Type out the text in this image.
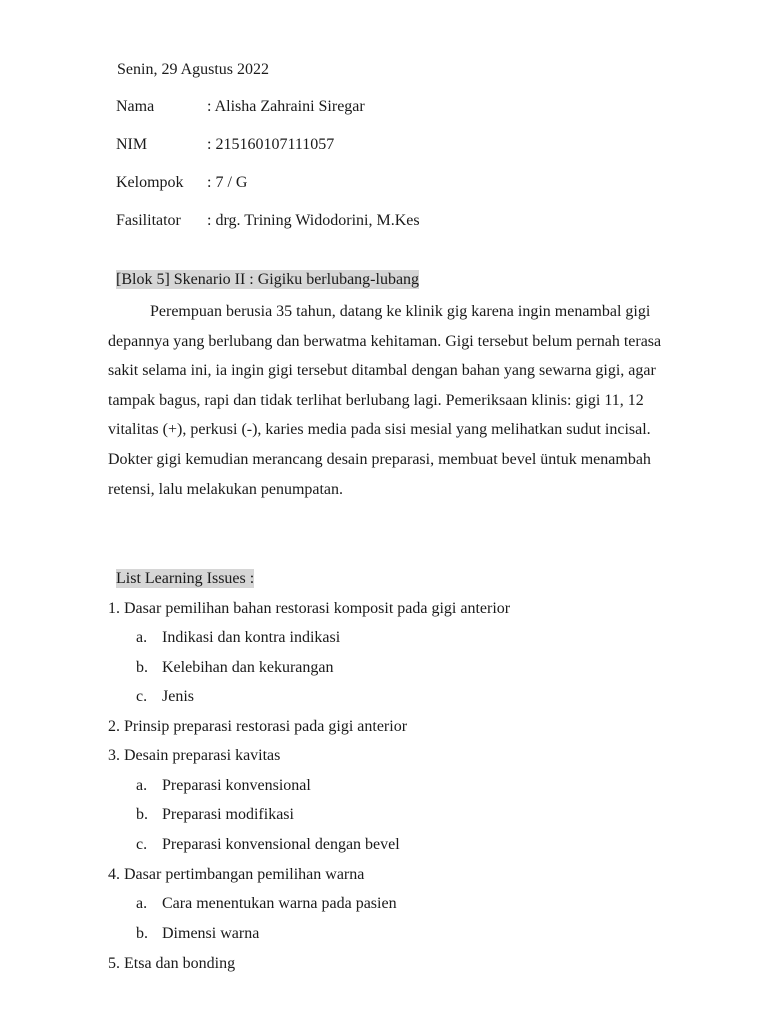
Senin, 29 Agustus 2022
Nama	: Alisha Zahraini Siregar
NIM	: 215160107111057
Kelompok : 7 / G
Fasilitator : drg. Trining Widodorini, M.Kes
[Blok 5] Skenario II : Gigiku berlubang-lubang

Perempuan berusia 35 tahun, datang ke klinik gig karena ingin menambal gigi depannya yang berlubang dan berwatma kehitaman. Gigi tersebut belum pernah terasa sakit selama ini, ia ingin gigi tersebut ditambal dengan bahan yang sewarna gigi, agar tampak bagus, rapi dan tidak terlihat berlubang lagi. Pemeriksaan klinis: gigi 11, 12 vitalitas (+), perkusi (-), karies media pada sisi mesial yang melihatkan sudut incisal. Dokter gigi kemudian merancang desain preparasi, membuat bevel üntuk menambah retensi, lalu melakukan penumpatan.

List Learning Issues :
1. Dasar pemilihan bahan restorasi komposit pada gigi anterior
a. Indikasi dan kontra indikasi
b. Kelebihan dan kekurangan
c. Jenis
2. Prinsip preparasi restorasi pada gigi anterior
3. Desain preparasi kavitas
a. Preparasi konvensional
b. Preparasi modifikasi
c. Preparasi konvensional dengan bevel
4. Dasar pertimbangan pemilihan warna
a. Cara menentukan warna pada pasien
b. Dimensi warna
5. Etsa dan bonding
